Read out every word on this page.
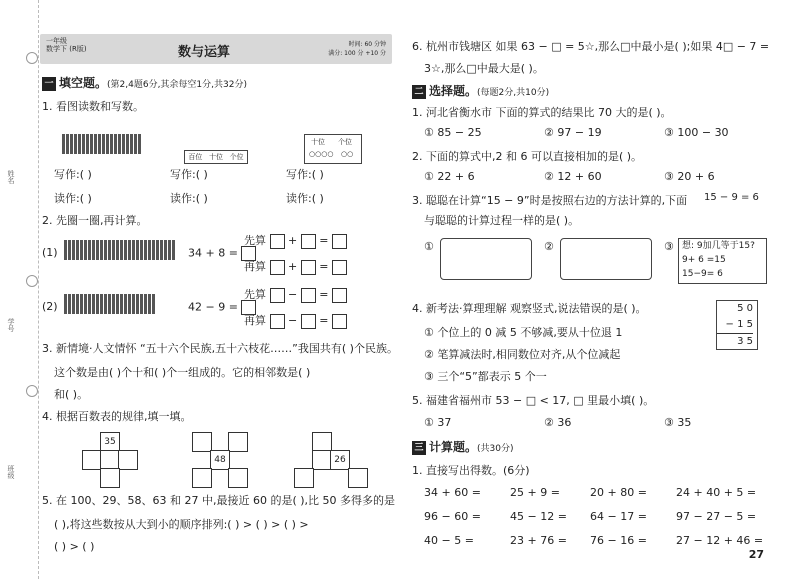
姓名
学号
班级
一年级
数学下 (R版)	数与运算
时间: 60 分钟
满分: 100 分 +10 分
一 填空题。(第2,4题6分,其余每空1分,共32分)
1. 看图读数和写数。
百位 十位 个位
十位 个位
○○○○ ○○
写作:( )	写作:( )	写作:( )
读作:( )	读作:( )	读作:( )
2. 先圈一圈,再计算。
(1)	34 + 8 =
先算  +  =
再算  +  =
(2)	42 − 9 =
先算  −  =
再算  −  =
3. 新情境·人文情怀 “五十六个民族,五十六枝花……”我国共有( )个民族。
这个数是由( )个十和( )个一组成的。它的相邻数是( )
和( )。
4. 根据百数表的规律,填一填。
35
48	26
5. 在 100、29、58、63 和 27 中,最接近 60 的是( ),比 50 多得多的是
( ),将这些数按从大到小的顺序排列:( ) > ( ) > ( ) >
( ) > ( )
6. 杭州市钱塘区 如果 63 − □ = 5☆,那么□中最小是( );如果 4□ − 7 =
3☆,那么□中最大是( )。
二 选择题。(每题2分,共10分)
1. 河北省衡水市 下面的算式的结果比 70 大的是( )。
① 85 − 25	② 97 − 19	③ 100 − 30
2. 下面的算式中,2 和 6 可以直接相加的是( )。
① 22 + 6	② 12 + 60	③ 20 + 6
3. 聪聪在计算“15 − 9”时是按照右边的方法计算的,下面
与聪聪的计算过程一样的是( )。
15 − 9 = 6
①	②	③ 想: 9加几等于15?
9+ 6 =15
15−9= 6
4. 新考法·算理理解 观察竖式,说法错误的是( )。
① 个位上的 0 减 5 不够减,要从十位退 1
② 笔算减法时,相同数位对齐,从个位减起
③ 三个“5”都表示 5 个一
5 0
− 1 5
3 5
5. 福建省福州市 53 − □ < 17, □ 里最小填( )。
① 37	② 36	③ 35
三 计算题。(共30分)
1. 直接写出得数。(6分)
34 + 60 =	25 + 9 =	20 + 80 =	24 + 40 + 5 =
96 − 60 =	45 − 12 = 64 − 17 =	97 − 27 − 5 =
40 − 5 =	23 + 76 = 76 − 16 =	27 − 12 + 46 =
27
